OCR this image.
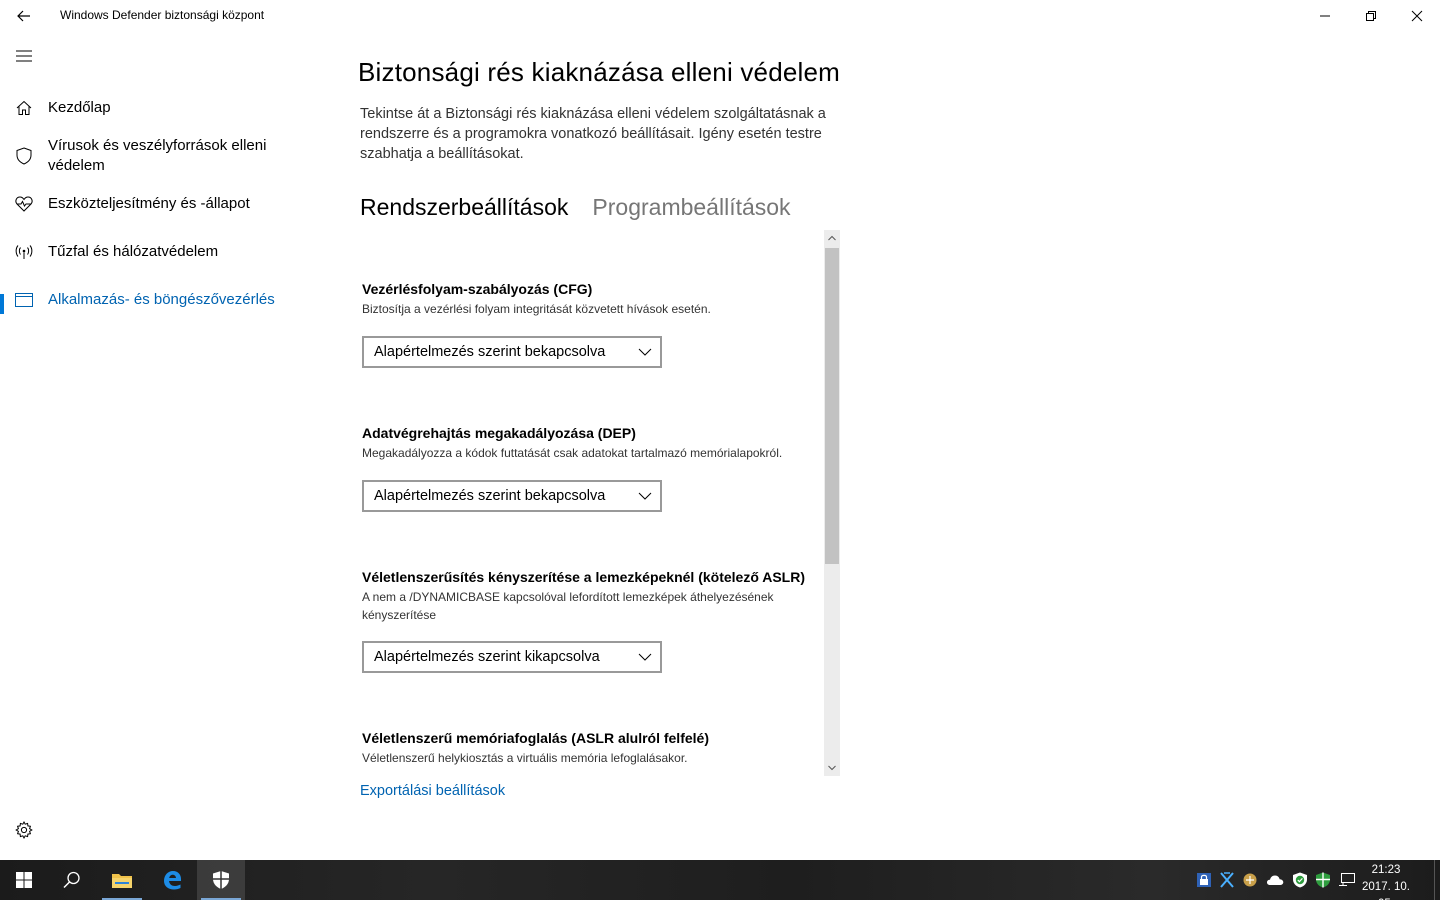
Windows Defender biztonsági központ
Kezdőlap
Vírusok és veszélyforrások elleni védelem
Eszközteljesítmény és -állapot
Tűzfal és hálózatvédelem
Alkalmazás- és böngészővezérlés
Biztonsági rés kiaknázása elleni védelem

Tekintse át a Biztonsági rés kiaknázása elleni védelem szolgáltatásnak a rendszerre és a programokra vonatkozó beállításait. Igény esetén testre szabhatja a beállításokat.

Rendszerbeállítások Programbeállítások
Vezérlésfolyam-szabályozás (CFG)

Biztosítja a vezérlési folyam integritását közvetett hívások esetén.

Alapértelmezés szerint bekapcsolva
Adatvégrehajtás megakadályozása (DEP)

Megakadályozza a kódok futtatását csak adatokat tartalmazó memórialapokról.

Alapértelmezés szerint bekapcsolva
Véletlenszerűsítés kényszerítése a lemezképeknél (kötelező ASLR)

A nem a /DYNAMICBASE kapcsolóval lefordított lemezképek áthelyezésének kényszerítése

Alapértelmezés szerint kikapcsolva
Véletlenszerű memóriafoglalás (ASLR alulról felfelé)

Véletlenszerű helykiosztás a virtuális memória lefoglalásakor.

Exportálási beállítások
21:23
2017. 10. 05.
